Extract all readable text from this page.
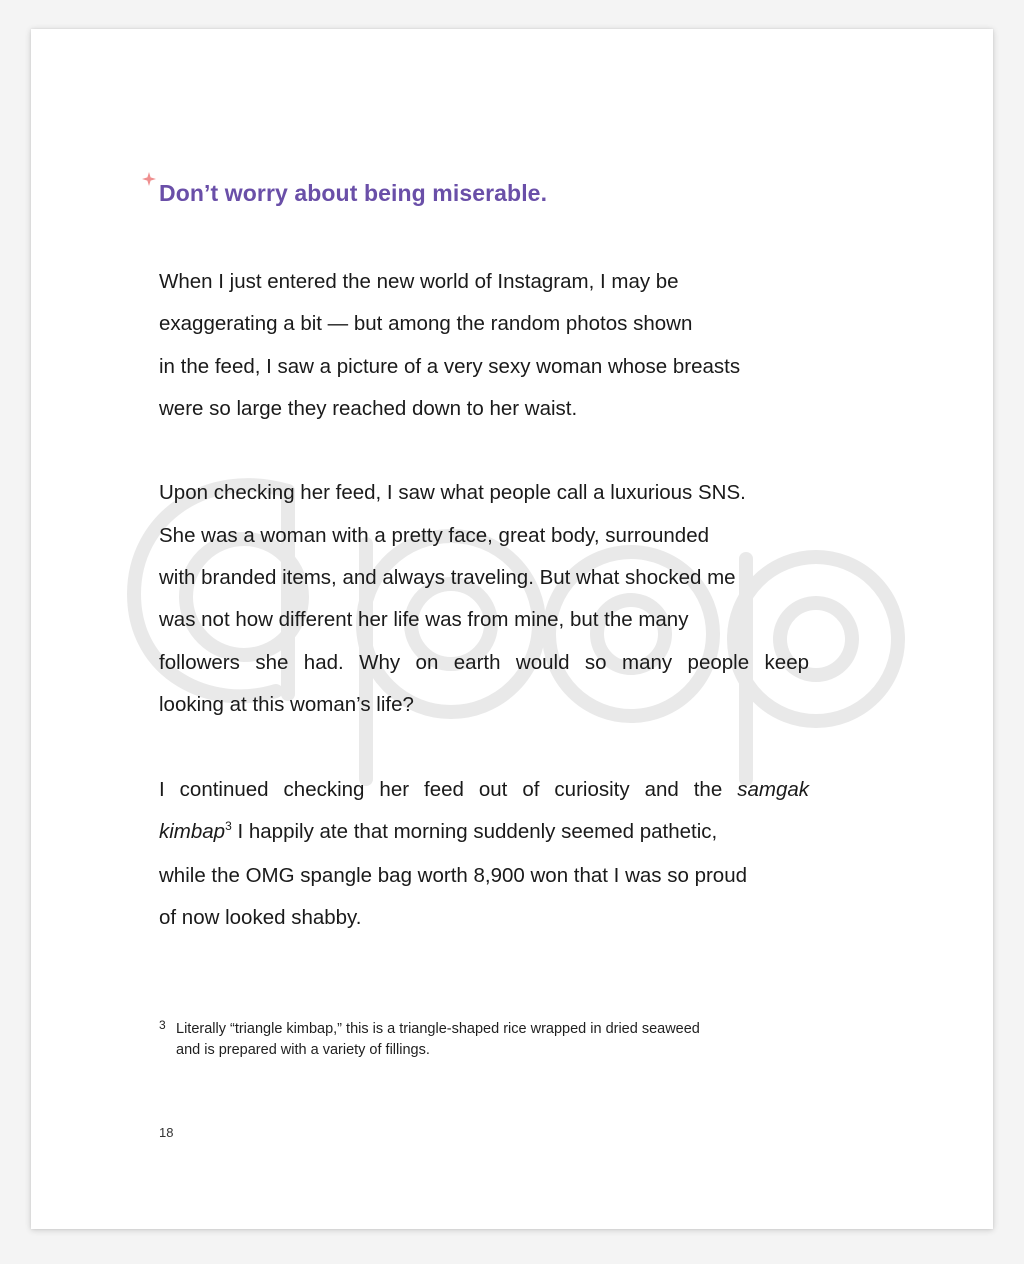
Don’t worry about being miserable.

When I just entered the new world of Instagram, I may be
exaggerating a bit — but among the random photos shown
in the feed, I saw a picture of a very sexy woman whose breasts
were so large they reached down to her waist.

Upon checking her feed, I saw what people call a luxurious SNS.
She was a woman with a pretty face, great body, surrounded
with branded items, and always traveling. But what shocked me
was not how different her life was from mine, but the many
followers she had. Why on earth would so many people keep
looking at this woman’s life?

I continued checking her feed out of curiosity and the samgak
kimbap$^3$ I happily ate that morning suddenly seemed pathetic,
while the OMG spangle bag worth 8,900 won that I was so proud
of now looked shabby.

3 Literally “triangle kimbap,” this is a triangle-shaped rice wrapped in dried seaweed
and is prepared with a variety of fillings.
18
